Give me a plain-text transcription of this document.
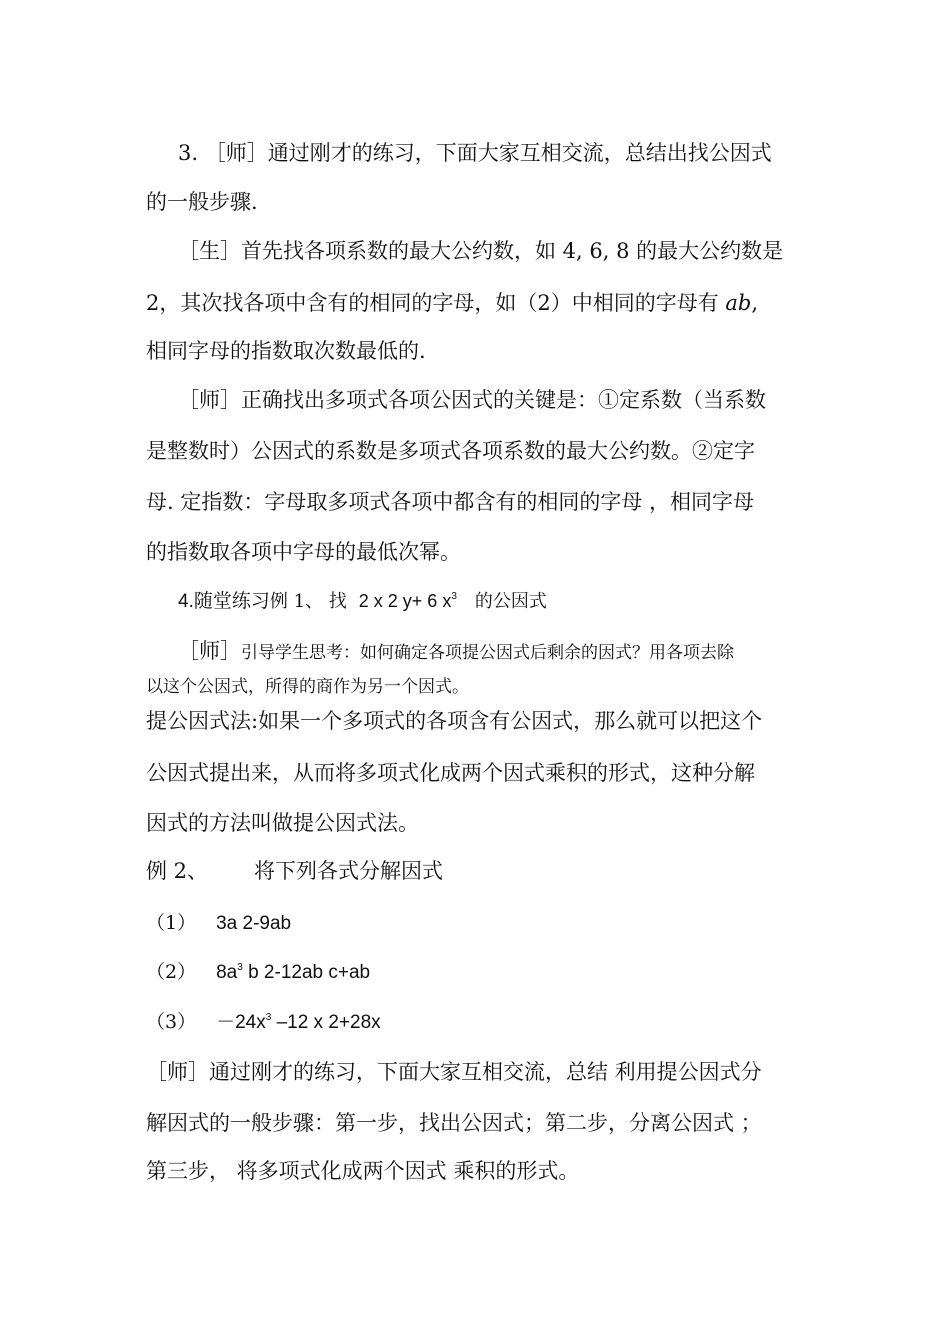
3. ［师］通过刚才的练习，下面大家互相交流，总结出找公因式
的一般步骤.
［生］首先找各项系数的最大公约数，如 4, 6, 8 的最大公约数是
2，其次找各项中含有的相同的字母，如（2）中相同的字母有 ab,
相同字母的指数取次数最低的.
［师］正确找出多项式各项公因式的关键是：①定系数（当系数
是整数时）公因式的系数是多项式各项系数的最大公约数。②定字
母. 定指数：字母取多项式各项中都含有的相同的字母 ，相同字母
的指数取各项中字母的最低次幂。
4.随堂练习例 1、 找 2 x 2 y+ 6 $x^3$ 的公因式
［师］引导学生思考：如何确定各项提公因式后剩余的因式？用各项去除
以这个公因式，所得的商作为另一个因式。
提公因式法:如果一个多项式的各项含有公因式，那么就可以把这个
公因式提出来，从而将多项式化成两个因式乘积的形式，这种分解
因式的方法叫做提公因式法。
例 2、 将下列各式分解因式
（1） 3a 2-9ab
（2） $8a^3$ b 2-12ab c+ab
$(3) -24x^3$ –12 x 2+28x
［师］通过刚才的练习，下面大家互相交流，总结 利用提公因式分
解因式的一般步骤：第一步，找出公因式；第二步，分离公因式 ；
第三步， 将多项式化成两个因式 乘积的形式。
